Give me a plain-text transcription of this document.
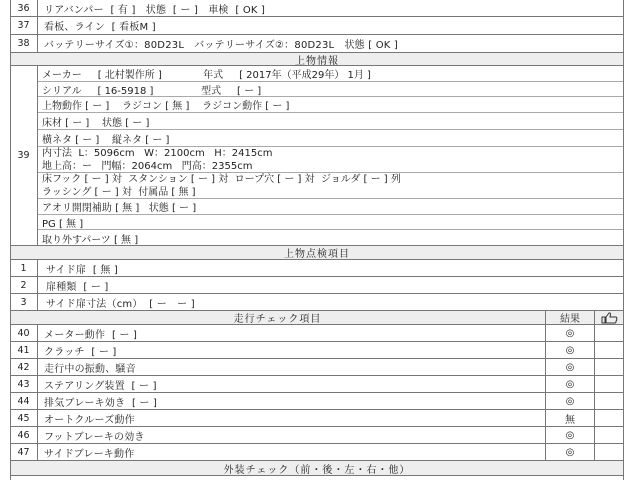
36	リアバンパー  [ 有 ]   状態  [ ー ]   車検  [ OK ]
37	看板、ライン  [ 看板M ]
38	バッテリーサイズ①：80D23L   バッテリーサイズ②：80D23L   状態 [ OK ]
上物情報
39
メーカー     [ 北村製作所 ]             年式     [ 2017年（平成29年） 1月 ]
シリアル     [ 16-5918 ]               型式     [ ー ]
上物動作 [ ー ]    ラジコン [ 無 ]    ラジコン動作 [ ー ]
床材 [ ー ]    状態 [ ー ]
横ネタ [ ー ]    縦ネタ [ ー ]
内寸法  L：5096cm   W：2100cm   H：2415cm
地上高：ー   門幅：2064cm   門高：2355cm
床フック [ ー ] 対  スタンション [ ー ] 対  ロープ穴 [ ー ] 対  ジョルダ [ ー ] 列
ラッシング [ ー ] 対  付属品 [ 無 ]
アオリ開閉補助 [ 無 ]   状態 [ ー ]
PG [ 無 ]
取り外すパーツ [ 無 ]
上物点検項目
1	サイド扉  [ 無 ]
2	扉種類  [ ー ]
3	サイド扉寸法（cm）  [ ー   ー ]
走行チェック項目	結果
40	メーター動作  [ ー ]	◎
41	クラッチ  [ ー ]	◎
42	走行中の振動、騒音	◎
43	ステアリング装置  [ ー ]	◎
44	排気ブレーキ効き  [ ー ]	◎
45	オートクルーズ動作	無
46	フットブレーキの効き	◎
47	サイドブレーキ動作	◎
外装チェック（前・後・左・右・他）
